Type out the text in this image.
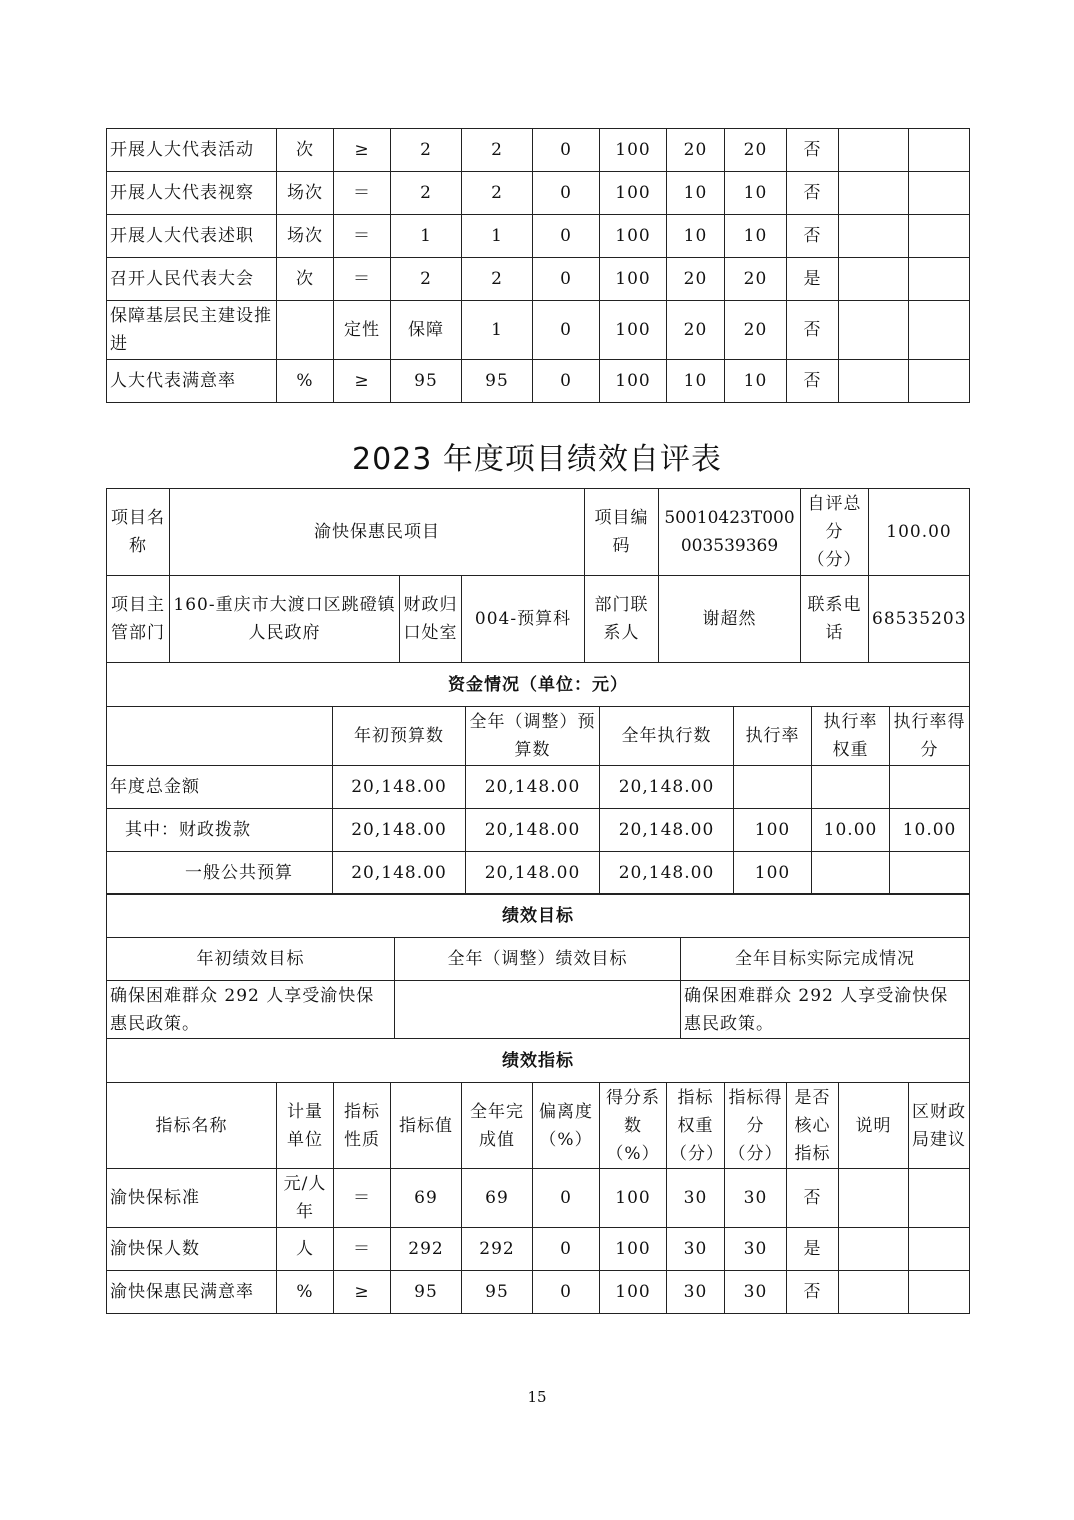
开展人大代表活动	次	≥	2	2	0	100	20	20	否		
开展人大代表视察	场次	＝	2	2	0	100	10	10	否		
开展人大代表述职	场次	＝	1	1	0	100	10	10	否		
召开人民代表大会	次	＝	2	2	0	100	20	20	是		
保障基层民主建设推进		定性	保障	1	0	100	20	20	否		
人大代表满意率	%	≥	95	95	0	100	10	10	否		
2023 年度项目绩效自评表
项目名称	渝快保惠民项目	项目编码	50010423T000003539369	自评总分（分）	100.00
项目主管部门	160-重庆市大渡口区跳磴镇人民政府	财政归口处室	004-预算科	部门联系人	谢超然	联系电话	68535203
资金情况（单位：元）						
	年初预算数	全年（调整）预算数	全年执行数	执行率	执行率权重	执行率得分
年度总金额	20,148.00	20,148.00	20,148.00			
其中：财政拨款	20,148.00	20,148.00	20,148.00	100	10.00	10.00
一般公共预算	20,148.00	20,148.00	20,148.00	100		
绩效目标		
年初绩效目标	全年（调整）绩效目标	全年目标实际完成情况
确保困难群众 292 人享受渝快保惠民政策。		确保困难群众 292 人享受渝快保惠民政策。
绩效指标											
指标名称	计量单位	指标性质	指标值	全年完成值	偏离度（%）	得分系数（%）	指标权重（分）	指标得分（分）	是否核心指标	说明	区财政局建议
渝快保标准	元/人年	＝	69	69	0	100	30	30	否		
渝快保人数	人	＝	292	292	0	100	30	30	是		
渝快保惠民满意率	%	≥	95	95	0	100	30	30	否		
15
